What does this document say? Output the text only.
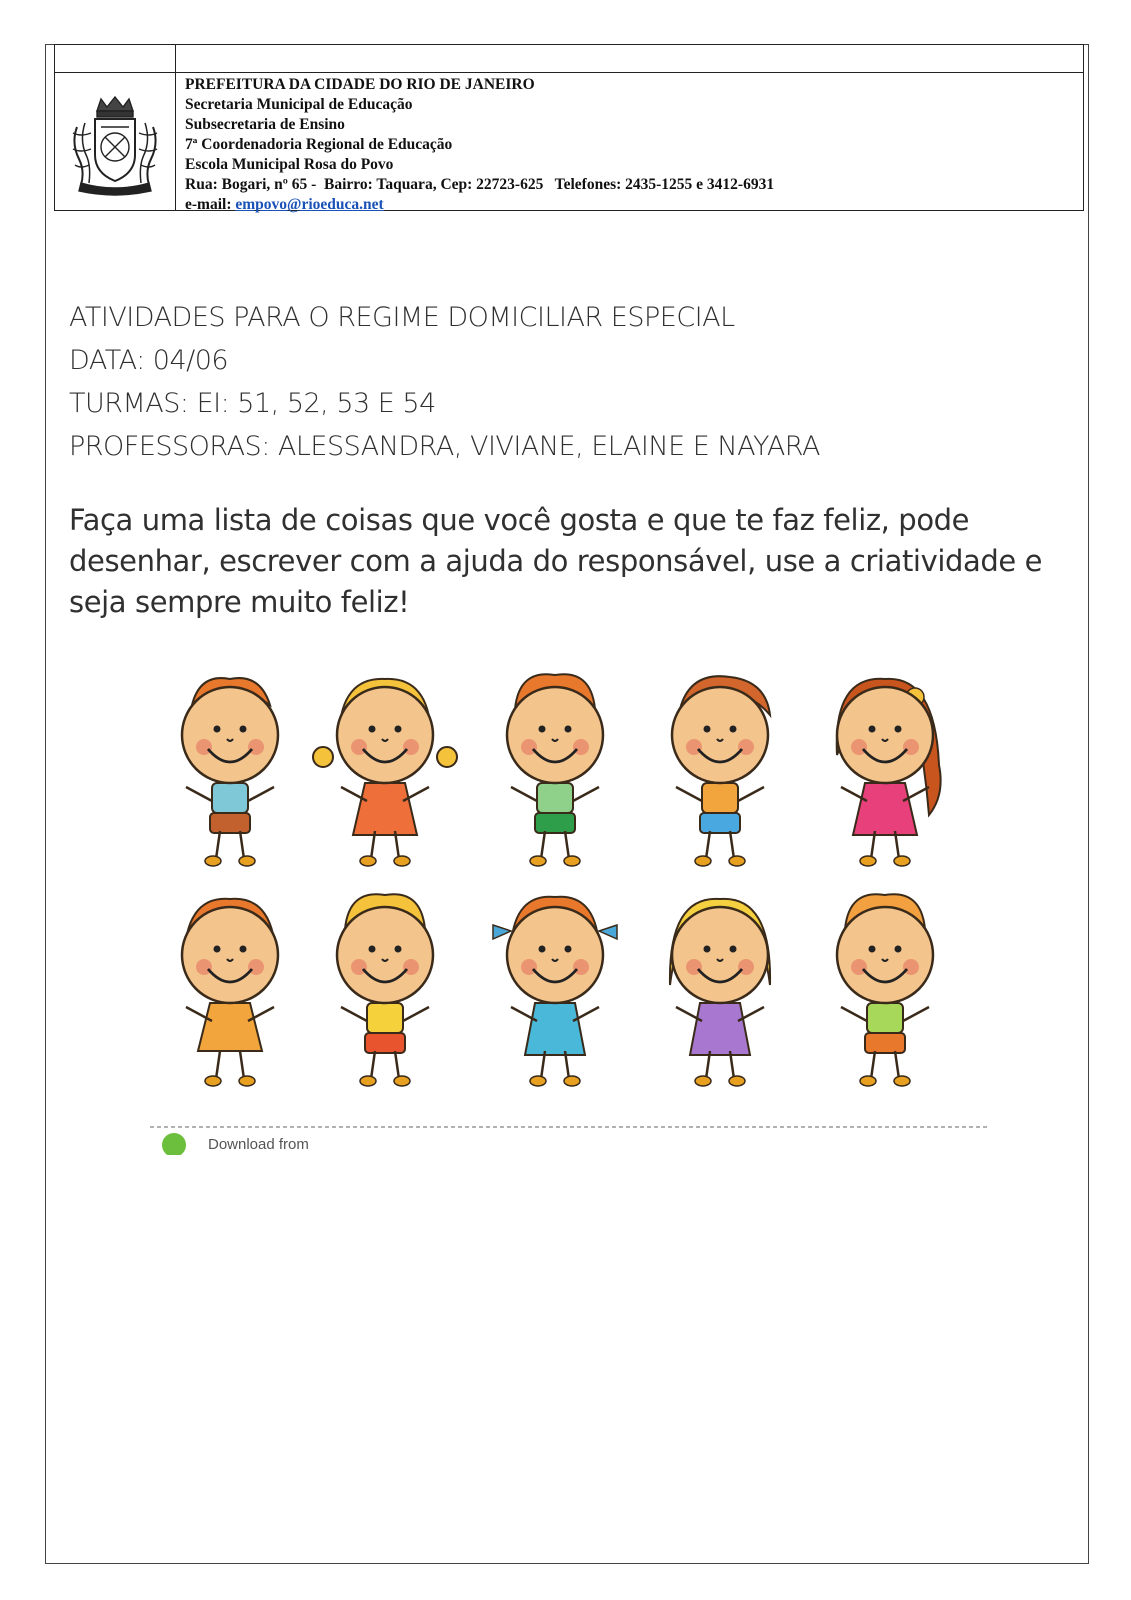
PREFEITURA DA CIDADE DO RIO DE JANEIRO
Secretaria Municipal de Educação
Subsecretaria de Ensino
7ª Coordenadoria Regional de Educação
Escola Municipal Rosa do Povo
Rua: Bogari, nº 65 -  Bairro: Taquara, Cep: 22723-625   Telefones: 2435-1255 e 3412-6931
e-mail: empovo@rioeduca.net
ATIVIDADES PARA O REGIME DOMICILIAR ESPECIAL
DATA: 04/06
TURMAS: EI: 51, 52, 53 E 54
PROFESSORAS: ALESSANDRA, VIVIANE, ELAINE E NAYARA
Faça uma lista de coisas que você gosta e que te faz feliz, pode desenhar, escrever com a ajuda do responsável, use a criatividade e seja sempre muito feliz!
Download from
